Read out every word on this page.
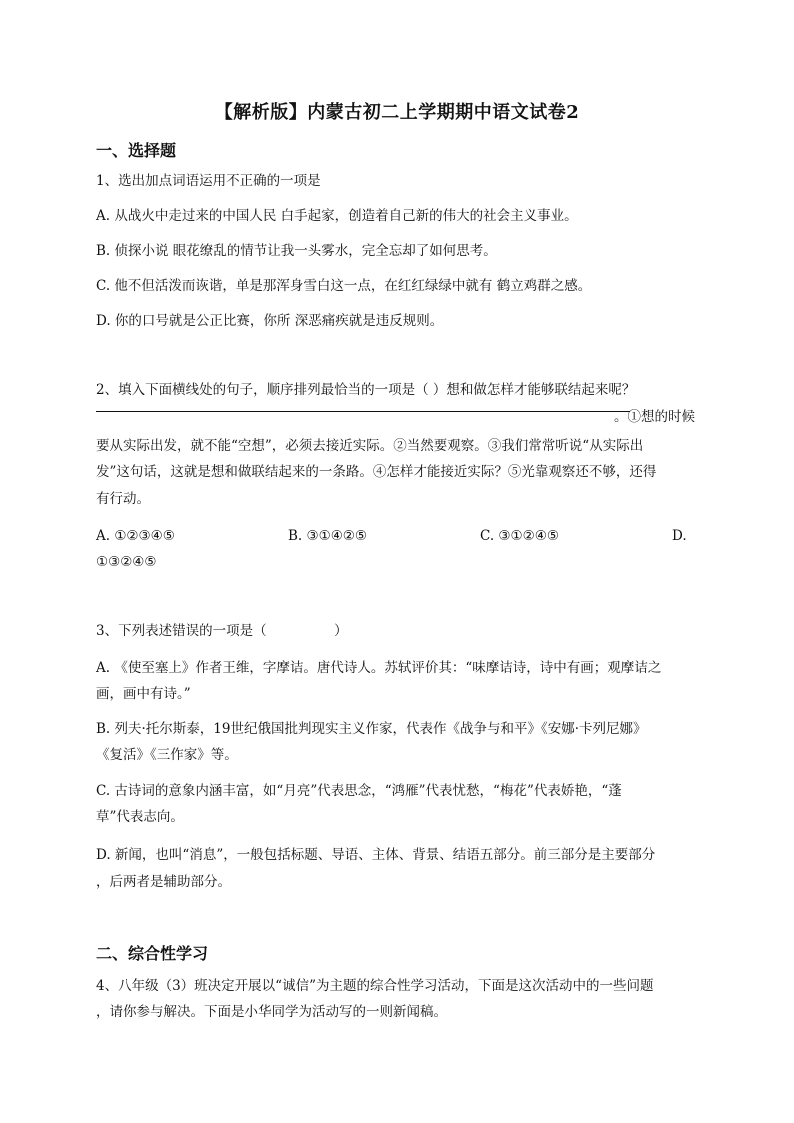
【解析版】内蒙古初二上学期期中语文试卷2
一、选择题
1、选出加点词语运用不正确的一项是
A. 从战火中走过来的中国人民 白手起家，创造着自己新的伟大的社会主义事业。
B. 侦探小说 眼花缭乱的情节让我一头雾水，完全忘却了如何思考。
C. 他不但活泼而诙谐，单是那浑身雪白这一点，在红红绿绿中就有 鹤立鸡群之感。
D. 你的口号就是公正比赛，你所 深恶痛疾就是违反规则。
2、填入下面横线处的句子，顺序排列最恰当的一项是（ ）想和做怎样才能够联结起来呢？
。①想的时候
要从实际出发，就不能“空想”，必须去接近实际。②当然要观察。③我们常常听说“从实际出
发”这句话，这就是想和做联结起来的一条路。④怎样才能接近实际？⑤光靠观察还不够，还得
有行动。
A. ①②③④⑤	B. ③①④②⑤	C. ③①②④⑤	D.
①③②④⑤
3、下列表述错误的一项是（　　　　　）
A. 《使至塞上》作者王维，字摩诘。唐代诗人。苏轼评价其：“味摩诘诗，诗中有画；观摩诘之
画，画中有诗。”
B. 列夫·托尔斯泰，19世纪俄国批判现实主义作家，代表作《战争与和平》《安娜·卡列尼娜》
《复活》《三作家》等。
C. 古诗词的意象内涵丰富，如“月亮”代表思念，“鸿雁”代表忧愁，“梅花”代表娇艳，“蓬
草”代表志向。
D. 新闻，也叫“消息”，一般包括标题、导语、主体、背景、结语五部分。前三部分是主要部分
，后两者是辅助部分。
二、综合性学习
4、八年级（3）班决定开展以“诚信”为主题的综合性学习活动，下面是这次活动中的一些问题
，请你参与解决。下面是小华同学为活动写的一则新闻稿。
